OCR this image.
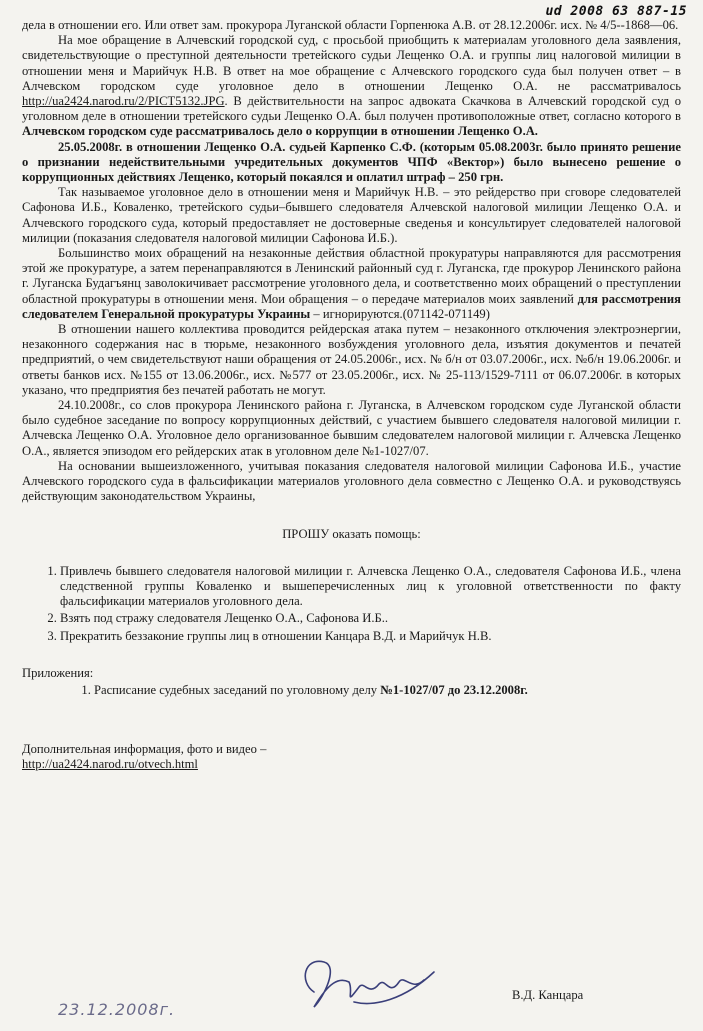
ud 2008 63 887-15

дела в отношении его. Или ответ зам. прокурора Луганской области Горпенюка А.В. от 28.12.2006г. исх. № 4/5--1868—06.

На мое обращение в Алчевский городской суд, с просьбой приобщить к материалам уголовного дела заявления, свидетельствующие о преступной деятельности третейского судьи Лещенко О.А. и группы лиц налоговой милиции в отношении меня и Марийчук Н.В. В ответ на мое обращение с Алчевского городского суда был получен ответ – в Алчевском городском суде уголовное дело в отношении Лещенко О.А. не рассматривалось http://ua2424.narod.ru/2/PICT5132.JPG. В действительности на запрос адвоката Скачкова в Алчевский городской суд о уголовном деле в отношении третейского судьи Лещенко О.А. был получен противоположные ответ, согласно которого в Алчевском городском суде рассматривалось дело о коррупции в отношении Лещенко О.А.

25.05.2008г. в отношении Лещенко О.А. судьей Карпенко С.Ф. (которым 05.08.2003г. было принято решение о признании недействительными учредительных документов ЧПФ «Вектор») было вынесено решение о коррупционных действиях Лещенко, который покаялся и оплатил штраф – 250 грн.

Так называемое уголовное дело в отношении меня и Марийчук Н.В. – это рейдерство при сговоре следователей Сафонова И.Б., Коваленко, третейского судьи–бывшего следователя Алчевской налоговой милиции Лещенко О.А. и Алчевского городского суда, который предоставляет не достоверные сведенья и консультирует следователей налоговой милиции (показания следователя налоговой милиции Сафонова И.Б.).

Большинство моих обращений на незаконные действия областной прокуратуры направляются для рассмотрения этой же прокуратуре, а затем перенаправляются в Ленинский районный суд г. Луганска, где прокурор Ленинского района г. Луганска Будагъянц заволокичивает рассмотрение уголовного дела, и соответственно моих обращений о преступлении областной прокуратуры в отношении меня. Мои обращения – о передаче материалов моих заявлений для рассмотрения следователем Генеральной прокуратуры Украины – игнорируются.(071142-071149)

В отношении нашего коллектива проводится рейдерская атака путем – незаконного отключения электроэнергии, незаконного содержания нас в тюрьме, незаконного возбуждения уголовного дела, изъятия документов и печатей предприятий, о чем свидетельствуют наши обращения от 24.05.2006г., исх. № б/н от 03.07.2006г., исх. №б/н 19.06.2006г. и ответы банков исх. №155 от 13.06.2006г., исх. №577 от 23.05.2006г., исх. № 25-113/1529-7111 от 06.07.2006г. в которых указано, что предприятия без печатей работать не могут.

24.10.2008г., со слов прокурора Ленинского района г. Луганска, в Алчевском городском суде Луганской области было судебное заседание по вопросу коррупционных действий, с участием бывшего следователя налоговой милиции г. Алчевска Лещенко О.А. Уголовное дело организованное бывшим следователем налоговой милиции г. Алчевска Лещенко О.А., является эпизодом его рейдерских атак в уголовном деле №1-1027/07.

На основании вышеизложенного, учитывая показания следователя налоговой милиции Сафонова И.Б., участие Алчевского городского суда в фальсификации материалов уголовного дела совместно с Лещенко О.А. и руководствуясь действующим законодательством Украины,

ПРОШУ оказать помощь:
1. Привлечь бывшего следователя налоговой милиции г. Алчевска Лещенко О.А., следователя Сафонова И.Б., члена следственной группы Коваленко и вышеперечисленных лиц к уголовной ответственности по факту фальсификации материалов уголовного дела.
2. Взять под стражу следователя Лещенко О.А., Сафонова И.Б..
3. Прекратить беззаконие группы лиц в отношении Канцара В.Д. и Марийчук Н.В.
Приложения:
1. Расписание судебных заседаний по уголовному делу №1-1027/07 до 23.12.2008г.
Дополнительная информация, фото и видео –
http://ua2424.narod.ru/otvech.html
В.Д. Канцара
23.12.2008г.
